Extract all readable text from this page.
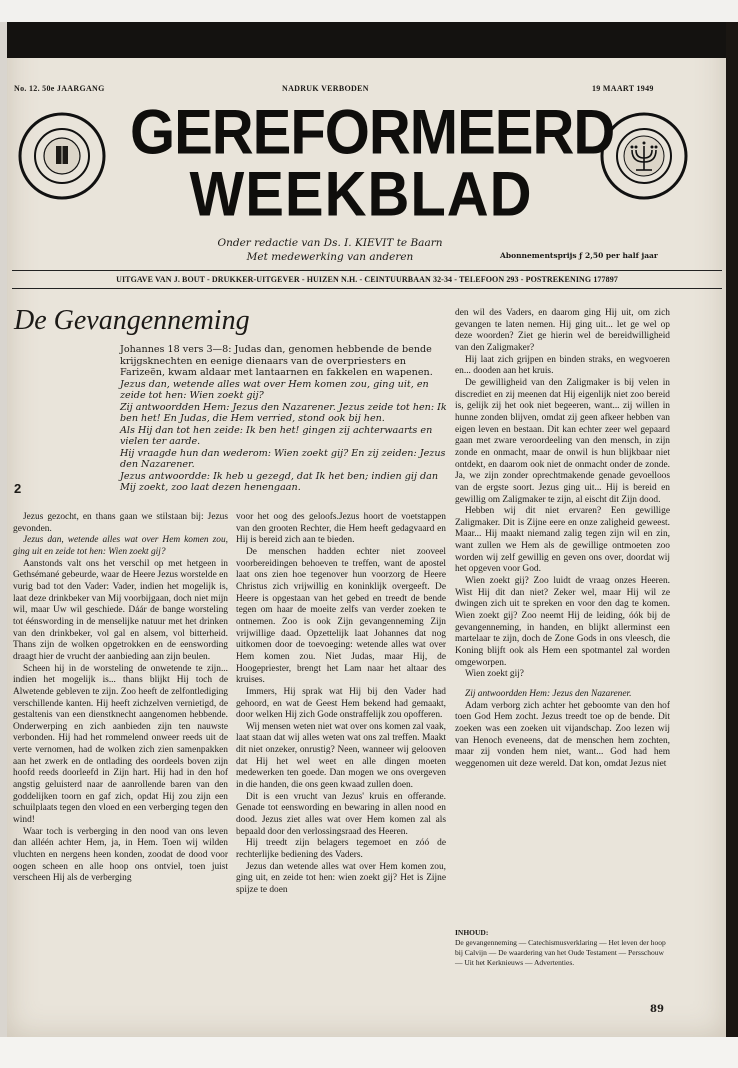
No. 12. 50e JAARGANG	NADRUK VERBODEN	19 MAART 1949
GEREFORMEERD
WEEKBLAD
Onder redactie van Ds. I. KIEVIT te Baarn
Met medewerking van anderen	Abonnementsprijs ƒ 2,50 per half jaar
UITGAVE VAN J. BOUT - DRUKKER-UITGEVER - HUIZEN N.H. - CEINTUURBAAN 32-34 - TELEFOON 293 - POSTREKENING 177897
De Gevangenneming

Johannes 18 vers 3—8: Judas dan, genomen hebbende de bende krijgsknechten en eenige dienaars van de overpriesters en Farizeën, kwam aldaar met lantaarnen en fakkelen en wapenen.

Jezus dan, wetende alles wat over Hem komen zou, ging uit, en zeide tot hen: Wien zoekt gij?

Zij antwoordden Hem: Jezus den Nazarener. Jezus zeide tot hen: Ik ben het! En Judas, die Hem verried, stond ook bij hen.

Als Hij dan tot hen zeide: Ik ben het! gingen zij achterwaarts en vielen ter aarde.

Hij vraagde hun dan wederom: Wien zoekt gij? En zij zeiden: Jezus den Nazarener.

Jezus antwoordde: Ik heb u gezegd, dat Ik het ben; indien gij dan Mij zoekt, zoo laat dezen henengaan.

2

Jezus gezocht, en thans gaan we stilstaan bij: Jezus gevonden.

Jezus dan, wetende alles wat over Hem komen zou, ging uit en zeide tot hen: Wien zoekt gij?

Aanstonds valt ons het verschil op met hetgeen in Gethsémané gebeurde, waar de Heere Jezus worstelde en vurig bad tot den Vader: Vader, indien het mogelijk is, laat deze drinkbeker van Mij voorbijgaan, doch niet mijn wil, maar Uw wil geschiede. Dáár de bange worsteling tot éénswording in de menselijke natuur met het drinken van den drinkbeker, vol gal en alsem, vol bitterheid. Thans zijn de wolken opgetrokken en de eenswording draagt hier de vrucht der aanbieding aan zijn beulen.

Scheen hij in de worsteling de onwetende te zijn... indien het mogelijk is... thans blijkt Hij toch de Alwetende gebleven te zijn. Zoo heeft de zelfontlediging verschillende kanten. Hij heeft zichzelven vernietigd, de gestaltenis van een dienstknecht aangenomen hebbende. Onderwerping en zich aanbieden zijn ten nauwste verbonden. Hij had het rommelend onweer reeds uit de verte vernomen, had de wolken zich zien samenpakken aan het zwerk en de ontlading des oordeels boven zijn hoofd reeds doorleefd in Zijn hart. Hij had in den hof angstig geluisterd naar de aanrollende baren van den goddelijken toorn en gaf zich, opdat Hij zou zijn een schuilplaats tegen den vloed en een verberging tegen den wind!

Waar toch is verberging in den nood van ons leven dan alléén achter Hem, ja, in Hem. Toen wij wilden vluchten en nergens heen konden, zoodat de dood voor oogen scheen en alle hoop ons ontviel, toen juist verscheen Hij als de verberging

voor het oog des geloofs.Jezus hoort de voetstappen van den grooten Rechter, die Hem heeft gedagvaard en Hij is bereid zich aan te bieden.

De menschen hadden echter niet zooveel voorbereidingen behoeven te treffen, want de apostel laat ons zien hoe tegenover hun voorzorg de Heere Christus zich vrijwillig en koninklijk overgeeft. De Heere is opgestaan van het gebed en treedt de bende tegen om haar de moeite zelfs van verder zoeken te ontnemen. Zoo is ook Zijn gevangenneming Zijn vrijwillige daad. Opzettelijk laat Johannes dat nog uitkomen door de toevoeging: wetende alles wat over Hem komen zou. Niet Judas, maar Hij, de Hoogepriester, brengt het Lam naar het altaar des kruises.

Immers, Hij sprak wat Hij bij den Vader had gehoord, en wat de Geest Hem bekend had gemaakt, door welken Hij zich Gode onstraffelijk zou opofferen.

Wij mensen weten niet wat over ons komen zal vaak, laat staan dat wij alles weten wat ons zal treffen. Maakt dit niet onzeker, onrustig? Neen, wanneer wij gelooven dat Hij het wel weet en alle dingen moeten medewerken ten goede. Dan mogen we ons overgeven in die handen, die ons geen kwaad zullen doen.

Dit is een vrucht van Jezus' kruis en offerande. Genade tot eenswording en bewaring in allen nood en dood. Jezus ziet alles wat over Hem komen zal als bepaald door den verlossingsraad des Heeren.

Hij treedt zijn belagers tegemoet en zóó de rechterlijke bediening des Vaders.

Jezus dan wetende alles wat over Hem komen zou, ging uit, en zeide tot hen: wien zoekt gij? Het is Zijne spijze te doen

den wil des Vaders, en daarom ging Hij uit, om zich gevangen te laten nemen. Hij ging uit... let ge wel op deze woorden? Ziet ge hierin wel de bereidwilligheid van den Zaligmaker?

Hij laat zich grijpen en binden straks, en wegvoeren en... dooden aan het kruis.

De gewilligheid van den Zaligmaker is bij velen in discrediet en zij meenen dat Hij eigenlijk niet zoo bereid is, gelijk zij het ook niet begeeren, want... zij willen in hunne zonden blijven, omdat zij geen afkeer hebben van eigen leven en bestaan. Dit kan echter zeer wel gepaard gaan met zware veroordeeling van den mensch, in zijn zonde en onmacht, maar de onwil is hun blijkbaar niet ontdekt, en daarom ook niet de onmacht onder de zonde. Ja, we zijn zonder oprechtmakende genade gevoelloos van de ergste soort. Jezus ging uit... Hij is bereid en gewillig om Zaligmaker te zijn, al eischt dit Zijn dood.

Hebben wij dit niet ervaren? Een gewillige Zaligmaker. Dit is Zijne eere en onze zaligheid geweest. Maar... Hij maakt niemand zalig tegen zijn wil en zin, want zullen we Hem als de gewillige ontmoeten zoo worden wij zelf gewillig en geven ons over, doordat wij het opgeven voor God.

Wien zoekt gij? Zoo luidt de vraag onzes Heeren. Wist Hij dit dan niet? Zeker wel, maar Hij wil ze dwingen zich uit te spreken en voor den dag te komen. Wien zoekt gij? Zoo neemt Hij de leiding, óók bij de gevangenneming, in handen, en blijkt allerminst een martelaar te zijn, doch de Zone Gods in ons vleesch, die Koning blijft ook als Hem een spotmantel zal worden omgeworpen.

Wien zoekt gij?

Zij antwoordden Hem: Jezus den Nazarener.

Adam verborg zich achter het geboomte van den hof toen God Hem zocht. Jezus treedt toe op de bende. Dit zoeken was een zoeken uit vijandschap. Zoo lezen wij van Henoch eveneens, dat de menschen hem zochten, maar zij vonden hem niet, want... God had hem weggenomen uit deze wereld. Dat kon, omdat Jezus niet

INHOUD:
De gevangenneming — Catechismusverklaring — Het leven der hoop bij Calvijn — De waardering van het Oude Testament — Persschouw — Uit het Kerknieuws — Advertenties.
89
